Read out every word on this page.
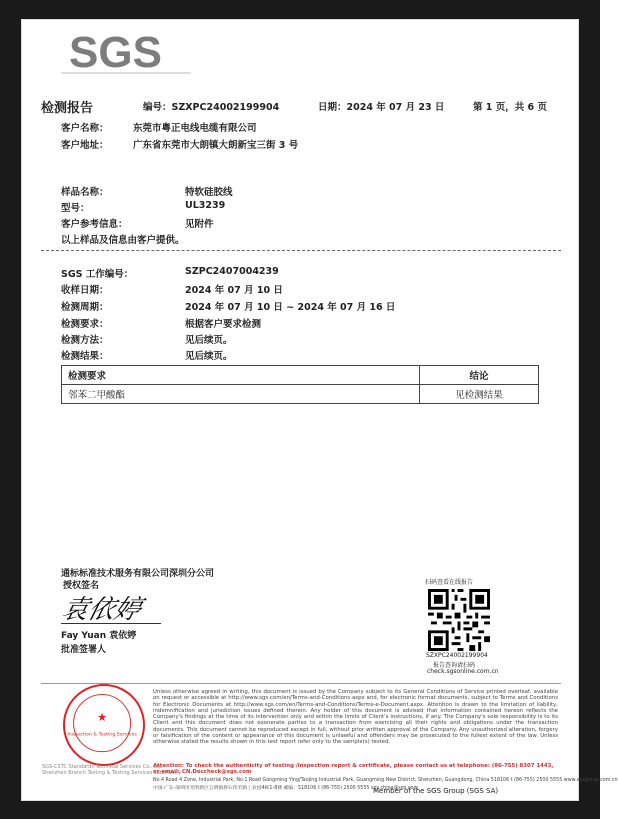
SGS
检测报告	编号：SZXPC24002199904	日期：2024 年 07 月 23 日	第 1 页，共 6 页
客户名称：	东莞市粤正电线电缆有限公司
客户地址：	广东省东莞市大朗镇大朗新宝三街 3 号
样品名称：	特软硅胶线
型号：	UL3239
客户参考信息：	见附件
以上样品及信息由客户提供。
SGS 工作编号：	SZPC2407004239
收样日期：	2024 年 07 月 10 日
检测周期：	2024 年 07 月 10 日 ~ 2024 年 07 月 16 日
检测要求：	根据客户要求检测
检测方法：	见后续页。
检测结果：	见后续页。
检测要求	结论
邻苯二甲酸酯	见检测结果
通标标准技术服务有限公司深圳分公司
授权签名
袁依婷
Fay Yuan 袁依婷
批准签署人
扫码查看在线报告
SZXPC24002199904
报告查询请扫码
check.sgsonline.com.cn
★
Inspection & Testing Services
SGS-CSTC Standards Technical Services Co., Ltd. Shenzhen Branch Testing & Testing Services Laboratory
Unless otherwise agreed in writing, this document is issued by the Company subject to its General Conditions of Service printed overleaf, available on request or accessible at http://www.sgs.com/en/Terms-and-Conditions.aspx and, for electronic format documents, subject to Terms and Conditions for Electronic Documents at http://www.sgs.com/en/Terms-and-Conditions/Terms-e-Document.aspx. Attention is drawn to the limitation of liability, indemnification and jurisdiction issues defined therein. Any holder of this document is advised that information contained hereon reflects the Company's findings at the time of its intervention only and within the limits of Client's instructions, if any. The Company's sole responsibility is to its Client and this document does not exonerate parties to a transaction from exercising all their rights and obligations under the transaction documents. This document cannot be reproduced except in full, without prior written approval of the Company. Any unauthorized alteration, forgery or falsification of the content or appearance of this document is unlawful and offenders may be prosecuted to the fullest extent of the law. Unless otherwise stated the results shown in this test report refer only to the sample(s) tested.
Attention: To check the authenticity of testing /inspection report & certificate, please contact us at telephone: (86-755) 8307 1443, or email: CN.Doccheck@sgs.com
No.4 Road 4 Zone, Industrial Park, No.1 Road Gongming Ying/Taojing Industrial Park, Guangming New District, Shenzhen, Guangdong, China 518106 t (86-755) 2500 5555 www.sgsgroup.com.cn
中国·广东·深圳市光明新区公明镇将石伟宏路工业园4栋1-8楼 邮编：518106 t (86-755) 2500 5555 sgs.china@sgs.com
Member of the SGS Group (SGS SA)
